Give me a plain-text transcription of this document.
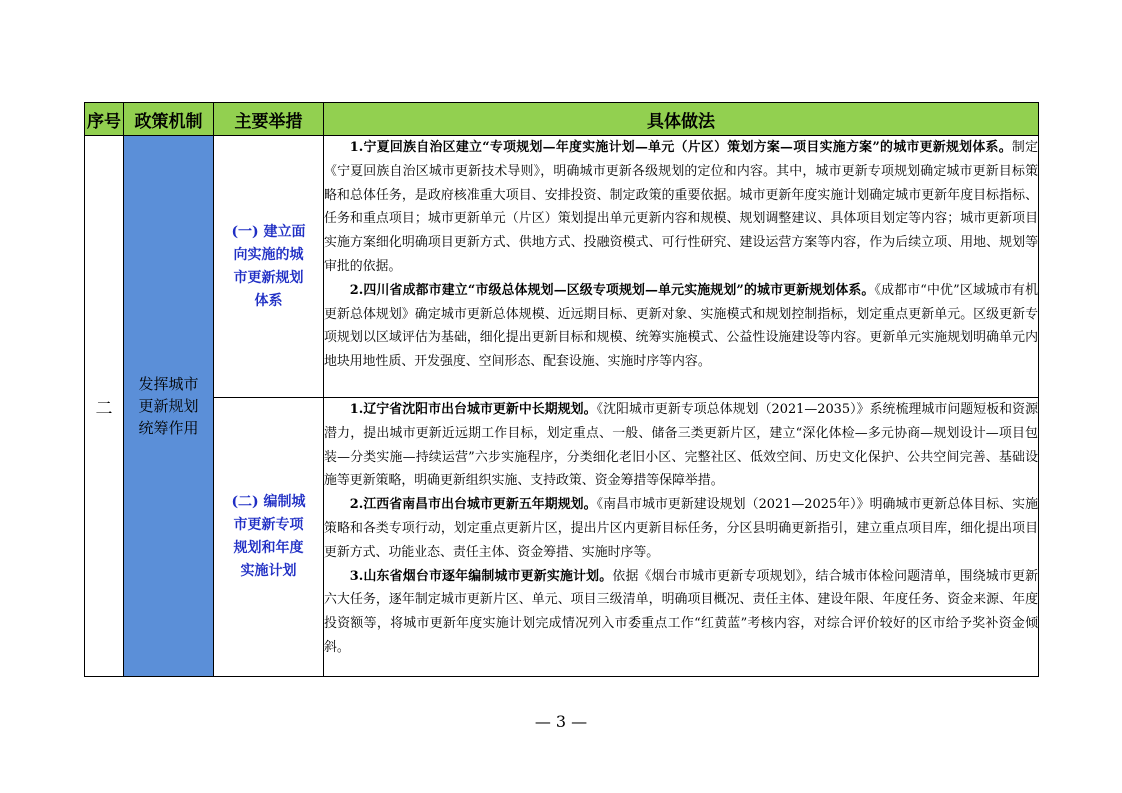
序号	政策机制	主要举措	具体做法
二	发挥城市更新规划统筹作用	(一) 建立面向实施的城市更新规划体系	1.宁夏回族自治区建立“专项规划—年度实施计划—单元（片区）策划方案—项目实施方案”的城市更新规划体系。制定《宁夏回族自治区城市更新技术导则》，明确城市更新各级规划的定位和内容。其中，城市更新专项规划确定城市更新目标策略和总体任务，是政府核准重大项目、安排投资、制定政策的重要依据。城市更新年度实施计划确定城市更新年度目标指标、任务和重点项目；城市更新单元（片区）策划提出单元更新内容和规模、规划调整建议、具体项目划定等内容；城市更新项目实施方案细化明确项目更新方式、供地方式、投融资模式、可行性研究、建设运营方案等内容，作为后续立项、用地、规划等审批的依据。

2.四川省成都市建立“市级总体规划—区级专项规划—单元实施规划”的城市更新规划体系。《成都市“中优”区域城市有机更新总体规划》确定城市更新总体规模、近远期目标、更新对象、实施模式和规划控制指标，划定重点更新单元。区级更新专项规划以区域评估为基础，细化提出更新目标和规模、统筹实施模式、公益性设施建设等内容。更新单元实施规划明确单元内地块用地性质、开发强度、空间形态、配套设施、实施时序等内容。

		(二) 编制城市更新专项规划和年度实施计划	1.辽宁省沈阳市出台城市更新中长期规划。《沈阳城市更新专项总体规划（2021—2035）》系统梳理城市问题短板和资源潜力，提出城市更新近远期工作目标，划定重点、一般、储备三类更新片区，建立“深化体检—多元协商—规划设计—项目包装—分类实施—持续运营”六步实施程序，分类细化老旧小区、完整社区、低效空间、历史文化保护、公共空间完善、基础设施等更新策略，明确更新组织实施、支持政策、资金筹措等保障举措。

2.江西省南昌市出台城市更新五年期规划。《南昌市城市更新建设规划（2021—2025年）》明确城市更新总体目标、实施策略和各类专项行动，划定重点更新片区，提出片区内更新目标任务，分区县明确更新指引，建立重点项目库，细化提出项目更新方式、功能业态、责任主体、资金筹措、实施时序等。

3.山东省烟台市逐年编制城市更新实施计划。依据《烟台市城市更新专项规划》，结合城市体检问题清单，围绕城市更新六大任务，逐年制定城市更新片区、单元、项目三级清单，明确项目概况、责任主体、建设年限、年度任务、资金来源、年度投资额等，将城市更新年度实施计划完成情况列入市委重点工作“红黄蓝”考核内容，对综合评价较好的区市给予奖补资金倾斜。

— 3 —
